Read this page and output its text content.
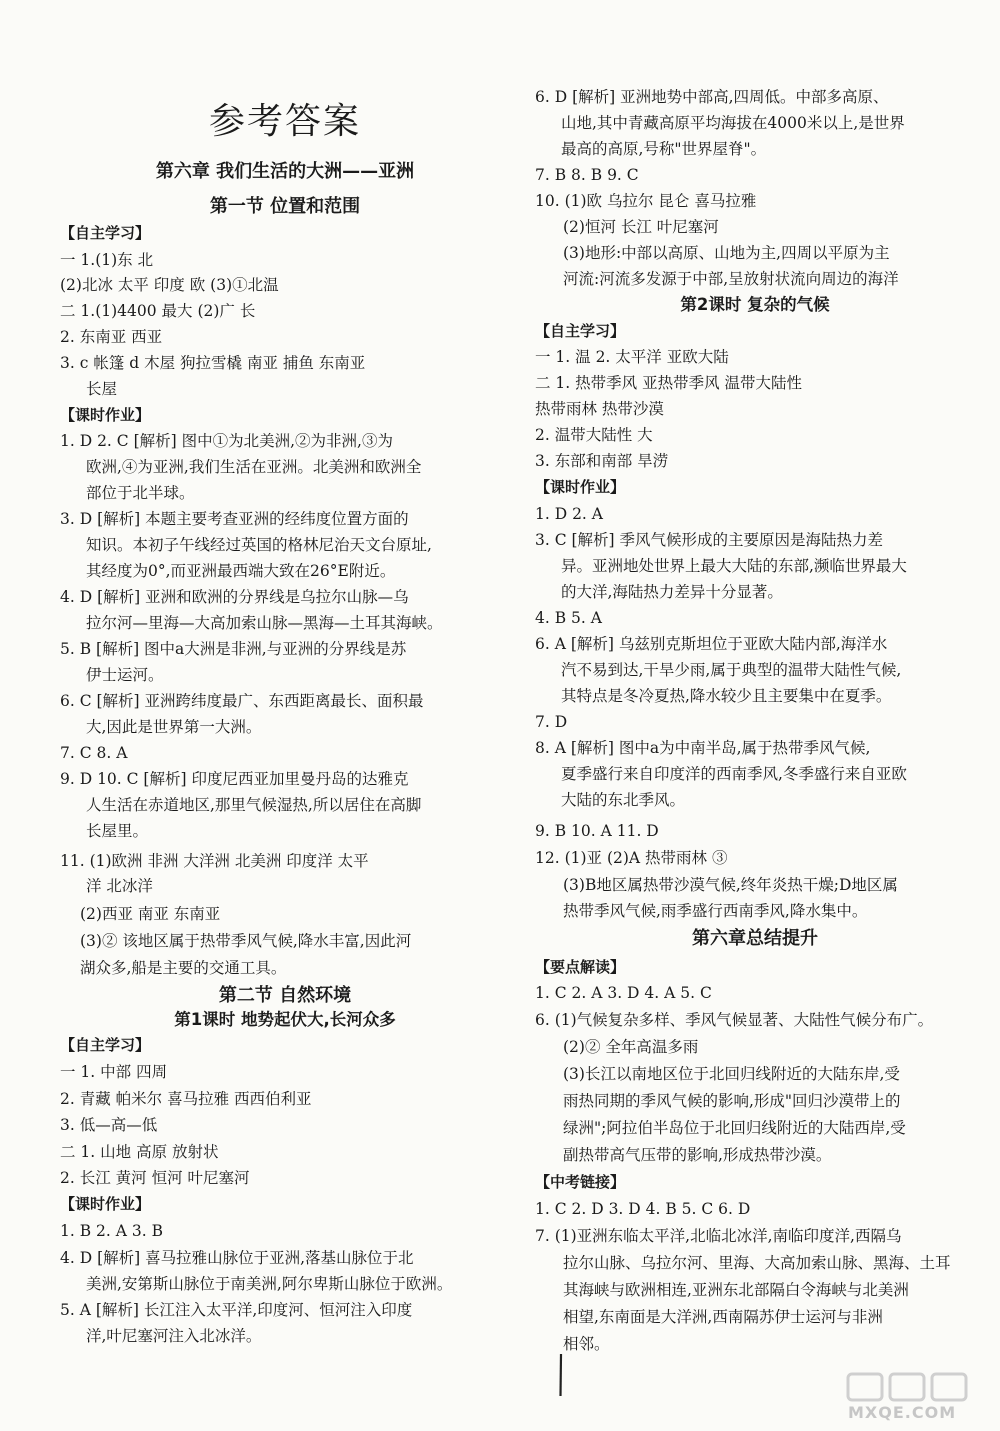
参考答案
第六章 我们生活的大洲——亚洲
第一节 位置和范围
【自主学习】
一 1.(1)东 北
(2)北冰 太平 印度 欧 (3)①北温
二 1.(1)4400 最大 (2)广 长
2. 东南亚 西亚
3. c 帐篷 d 木屋 狗拉雪橇 南亚 捕鱼 东南亚
长屋
【课时作业】
1. D 2. C [解析] 图中①为北美洲,②为非洲,③为
欧洲,④为亚洲,我们生活在亚洲。北美洲和欧洲全
部位于北半球。
3. D [解析] 本题主要考查亚洲的经纬度位置方面的
知识。本初子午线经过英国的格林尼治天文台原址,
其经度为0°,而亚洲最西端大致在26°E附近。
4. D [解析] 亚洲和欧洲的分界线是乌拉尔山脉—乌
拉尔河—里海—大高加索山脉—黑海—土耳其海峡。
5. B [解析] 图中a大洲是非洲,与亚洲的分界线是苏
伊士运河。
6. C [解析] 亚洲跨纬度最广、东西距离最长、面积最
大,因此是世界第一大洲。
7. C 8. A
9. D 10. C [解析] 印度尼西亚加里曼丹岛的达雅克
人生活在赤道地区,那里气候湿热,所以居住在高脚
长屋里。
11. (1)欧洲 非洲 大洋洲 北美洲 印度洋 太平
洋 北冰洋
(2)西亚 南亚 东南亚
(3)② 该地区属于热带季风气候,降水丰富,因此河
湖众多,船是主要的交通工具。
第二节 自然环境
第1课时 地势起伏大,长河众多
【自主学习】
一 1. 中部 四周
2. 青藏 帕米尔 喜马拉雅 西西伯利亚
3. 低—高—低
二 1. 山地 高原 放射状
2. 长江 黄河 恒河 叶尼塞河
【课时作业】
1. B 2. A 3. B
4. D [解析] 喜马拉雅山脉位于亚洲,落基山脉位于北
美洲,安第斯山脉位于南美洲,阿尔卑斯山脉位于欧洲。
5. A [解析] 长江注入太平洋,印度河、恒河注入印度
洋,叶尼塞河注入北冰洋。
6. D [解析] 亚洲地势中部高,四周低。中部多高原、
山地,其中青藏高原平均海拔在4000米以上,是世界
最高的高原,号称"世界屋脊"。
7. B 8. B 9. C
10. (1)欧 乌拉尔 昆仑 喜马拉雅
(2)恒河 长江 叶尼塞河
(3)地形:中部以高原、山地为主,四周以平原为主
河流:河流多发源于中部,呈放射状流向周边的海洋
第2课时 复杂的气候
【自主学习】
一 1. 温 2. 太平洋 亚欧大陆
二 1. 热带季风 亚热带季风 温带大陆性
热带雨林 热带沙漠
2. 温带大陆性 大
3. 东部和南部 旱涝
【课时作业】
1. D 2. A
3. C [解析] 季风气候形成的主要原因是海陆热力差
异。亚洲地处世界上最大大陆的东部,濒临世界最大
的大洋,海陆热力差异十分显著。
4. B 5. A
6. A [解析] 乌兹别克斯坦位于亚欧大陆内部,海洋水
汽不易到达,干旱少雨,属于典型的温带大陆性气候,
其特点是冬冷夏热,降水较少且主要集中在夏季。
7. D
8. A [解析] 图中a为中南半岛,属于热带季风气候,
夏季盛行来自印度洋的西南季风,冬季盛行来自亚欧
大陆的东北季风。
9. B 10. A 11. D
12. (1)亚 (2)A 热带雨林 ③
(3)B地区属热带沙漠气候,终年炎热干燥;D地区属
热带季风气候,雨季盛行西南季风,降水集中。
第六章总结提升
【要点解读】
1. C 2. A 3. D 4. A 5. C
6. (1)气候复杂多样、季风气候显著、大陆性气候分布广。
(2)② 全年高温多雨
(3)长江以南地区位于北回归线附近的大陆东岸,受
雨热同期的季风气候的影响,形成"回归沙漠带上的
绿洲";阿拉伯半岛位于北回归线附近的大陆西岸,受
副热带高气压带的影响,形成热带沙漠。
【中考链接】
1. C 2. D 3. D 4. B 5. C 6. D
7. (1)亚洲东临太平洋,北临北冰洋,南临印度洋,西隔乌
拉尔山脉、乌拉尔河、里海、大高加索山脉、黑海、土耳
其海峡与欧洲相连,亚洲东北部隔白令海峡与北美洲
相望,东南面是大洋洲,西南隔苏伊士运河与非洲
相邻。
MXQE.COM
